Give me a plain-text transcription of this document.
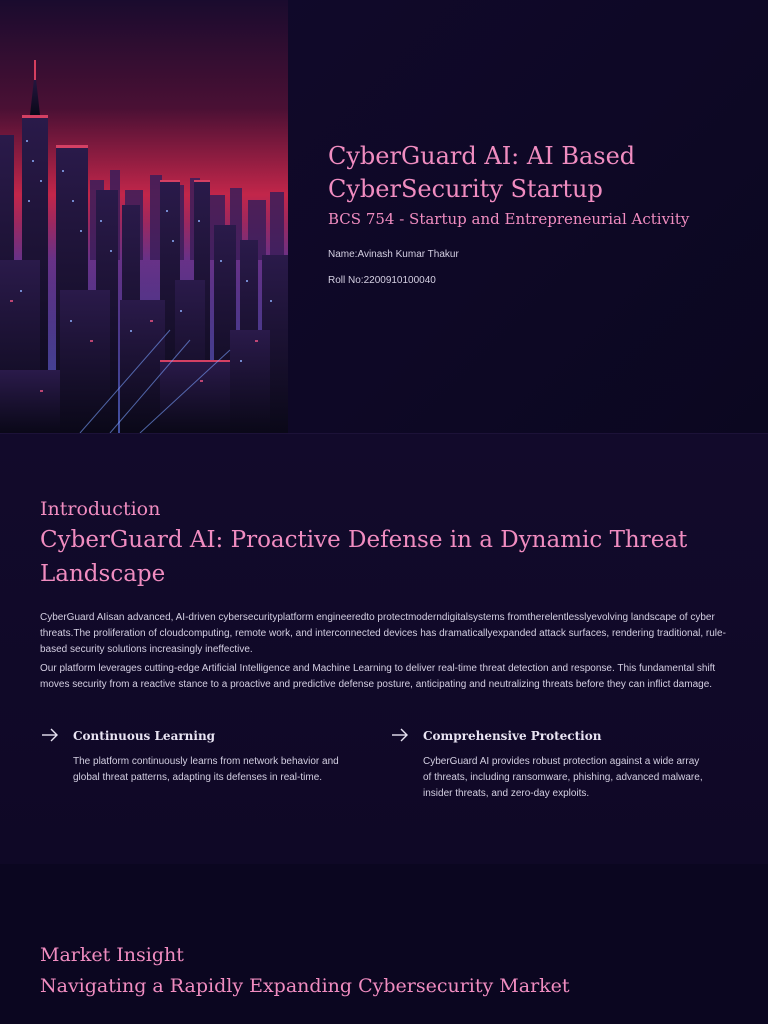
CyberGuard AI: AI Based CyberSecurity Startup

BCS 754 - Startup and Entrepreneurial Activity

Name:Avinash Kumar Thakur

Roll No:2200910100040

Introduction
CyberGuard AI: Proactive Defense in a Dynamic Threat Landscape

CyberGuard AIisan advanced, AI-driven cybersecurityplatform engineeredto protectmoderndigitalsystems fromtherelentlesslyevolving landscape of cyber threats.The proliferation of cloudcomputing, remote work, and interconnected devices has dramaticallyexpanded attack surfaces, rendering traditional, rule-based security solutions increasingly ineffective.

Our platform leverages cutting-edge Artificial Intelligence and Machine Learning to deliver real-time threat detection and response. This fundamental shift moves security from a reactive stance to a proactive and predictive defense posture, anticipating and neutralizing threats before they can inflict damage.

Continuous Learning

The platform continuously learns from network behavior and global threat patterns, adapting its defenses in real-time.

Comprehensive Protection

CyberGuard AI provides robust protection against a wide array of threats, including ransomware, phishing, advanced malware, insider threats, and zero-day exploits.

Market Insight
Navigating a Rapidly Expanding Cybersecurity Market
